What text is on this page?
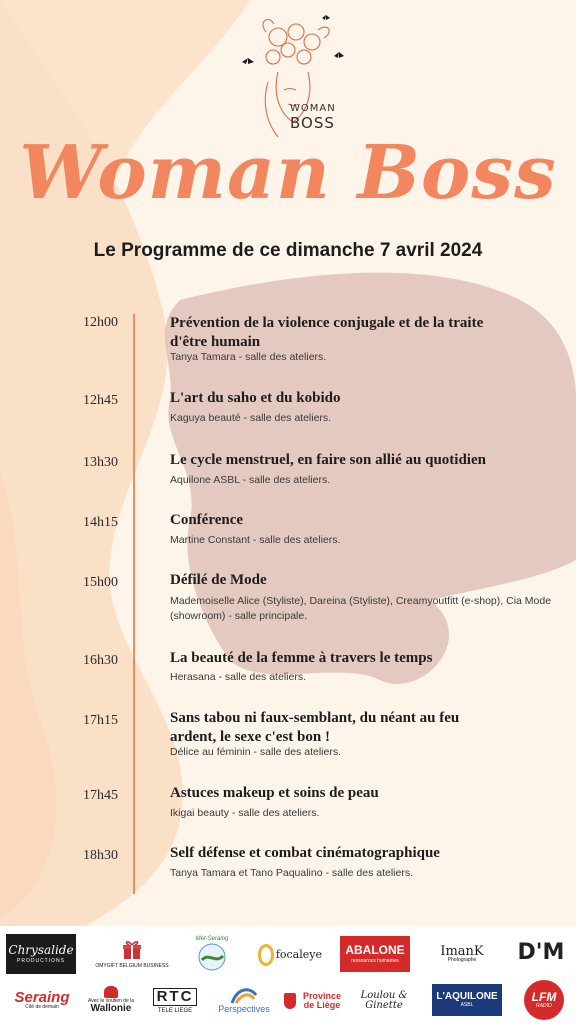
WOMAN
BOSS
Woman Boss
Le Programme de ce dimanche 7 avril 2024
12h00	Prévention de la violence conjugale et de la traite d'être humain
Tanya Tamara - salle des ateliers.
12h45	L'art du saho et du kobido
Kaguya beauté - salle des ateliers.
13h30	Le cycle menstruel, en faire son allié au quotidien
Aquilone ASBL - salle des ateliers.
14h15	Conférence
Martine Constant - salle des ateliers.
15h00	Défilé de Mode
Mademoiselle Alice (Styliste), Dareina (Styliste), Creamyoutfitt (e-shop), Cia Mode (showroom) - salle principale.
16h30	La beauté de la femme à travers le temps
Herasana - salle des ateliers.
17h15	Sans tabou ni faux-semblant, du néant au feu ardent, le sexe c'est bon !
Délice au féminin - salle des ateliers.
17h45	Astuces makeup et soins de peau
Ikigai beauty - salle des ateliers.
18h30	Self défense et combat cinématographique
Tanya Tamara et Tano Paqualino - salle des ateliers.
Chrysalide
PRODUCTIONS
OMYGIFT BELGIUM BUSINESS
Met-Seraing
focaleye ABALONE
ressources humaines
ImanK
Photographe D'M
Seraing
Cité de demain
Avec le soutien de la
Wallonie
RTC
TELE LIEGE	Perspectives
Province de Liège
Loulou & Ginette
L'AQUILONE
ASBL
LFM
RADIO
